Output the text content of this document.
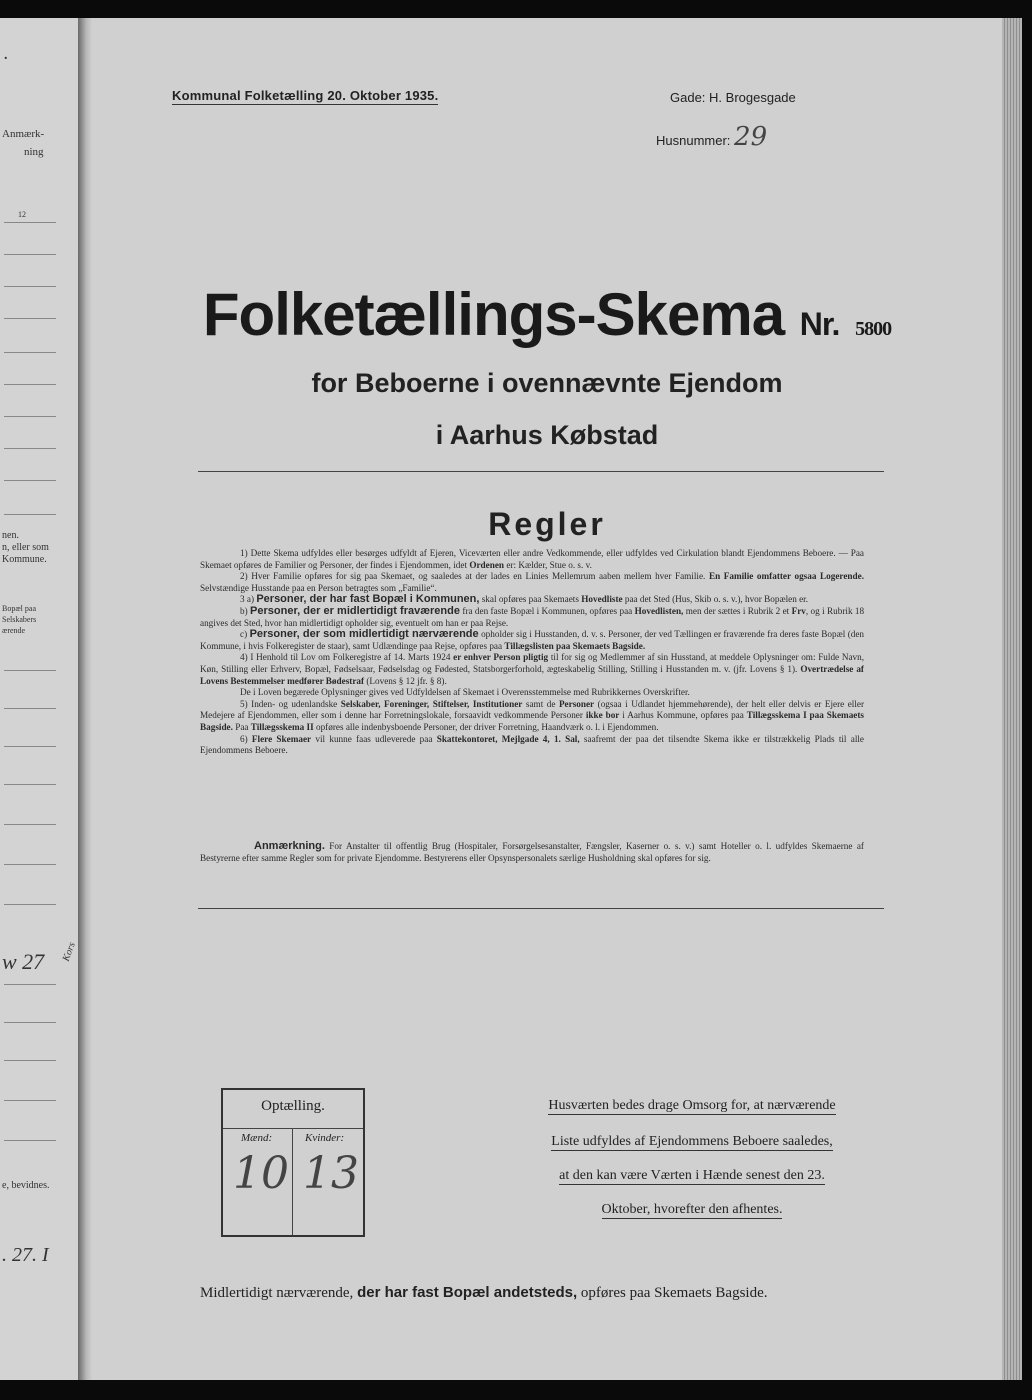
.
Anmærk-
ning
12
nen.
n, eller som
Kommune.
Bopæl paa
Selskabers
ærende
w 27 Kors
e, bevidnes.
. 27. I
Kommunal Folketælling 20. Oktober 1935.	Gade: H. Brogesgade
Husnummer: 29
Folketællings-Skema Nr. 5800
for Beboerne i ovennævnte Ejendom
i Aarhus Købstad
Regler

1) Dette Skema udfyldes eller besørges udfyldt af Ejeren, Viceværten eller andre Vedkommende, eller udfyldes ved Cirkulation blandt Ejendommens Beboere. — Paa Skemaet opføres de Familier og Personer, der findes i Ejendommen, idet Ordenen er: Kælder, Stue o. s. v.

2) Hver Familie opføres for sig paa Skemaet, og saaledes at der lades en Linies Mellemrum aaben mellem hver Familie. En Familie omfatter ogsaa Logerende. Selvstændige Husstande paa en Person betragtes som „Familie“.

3 a) Personer, der har fast Bopæl i Kommunen, skal opføres paa Skemaets Hovedliste paa det Sted (Hus, Skib o. s. v.), hvor Bopælen er.

b) Personer, der er midlertidigt fraværende fra den faste Bopæl i Kommunen, opføres paa Hovedlisten, men der sættes i Rubrik 2 et Frv, og i Rubrik 18 angives det Sted, hvor han midlertidigt opholder sig, eventuelt om han er paa Rejse.

c) Personer, der som midlertidigt nærværende opholder sig i Husstanden, d. v. s. Personer, der ved Tællingen er fraværende fra deres faste Bopæl (den Kommune, i hvis Folkeregister de staar), samt Udlændinge paa Rejse, opføres paa Tillægslisten paa Skemaets Bagside.

4) I Henhold til Lov om Folkeregistre af 14. Marts 1924 er enhver Person pligtig til for sig og Medlemmer af sin Husstand, at meddele Oplysninger om: Fulde Navn, Køn, Stilling eller Erhverv, Bopæl, Fødselsaar, Fødselsdag og Fødested, Statsborgerforhold, ægteskabelig Stilling, Stilling i Husstanden m. v. (jfr. Lovens § 1). Overtrædelse af Lovens Bestemmelser medfører Bødestraf (Lovens § 12 jfr. § 8).

De i Loven begærede Oplysninger gives ved Udfyldelsen af Skemaet i Overensstemmelse med Rubrikkernes Overskrifter.

5) Inden- og udenlandske Selskaber, Foreninger, Stiftelser, Institutioner samt de Personer (ogsaa i Udlandet hjemmehørende), der helt eller delvis er Ejere eller Medejere af Ejendommen, eller som i denne har Forretningslokale, forsaavidt vedkommende Personer ikke bor i Aarhus Kommune, opføres paa Tillægsskema I paa Skemaets Bagside. Paa Tillægsskema II opføres alle indenbysboende Personer, der driver Forretning, Haandværk o. l. i Ejendommen.

6) Flere Skemaer vil kunne faas udleverede paa Skattekontoret, Mejlgade 4, 1. Sal, saafremt der paa det tilsendte Skema ikke er tilstrækkelig Plads til alle Ejendommens Beboere.

Anmærkning. For Anstalter til offentlig Brug (Hospitaler, Forsørgelsesanstalter, Fængsler, Kaserner o. s. v.) samt Hoteller o. l. udfyldes Skemaerne af Bestyrerne efter samme Regler som for private Ejendomme. Bestyrerens eller Opsynspersonalets særlige Husholdning skal opføres for sig.

Optælling.
Mænd:	Kvinder:
10 13
Husværten bedes drage Omsorg for, at nærværende
Liste udfyldes af Ejendommens Beboere saaledes,
at den kan være Værten i Hænde senest den 23.
Oktober, hvorefter den afhentes.
Midlertidigt nærværende, der har fast Bopæl andetsteds, opføres paa Skemaets Bagside.
